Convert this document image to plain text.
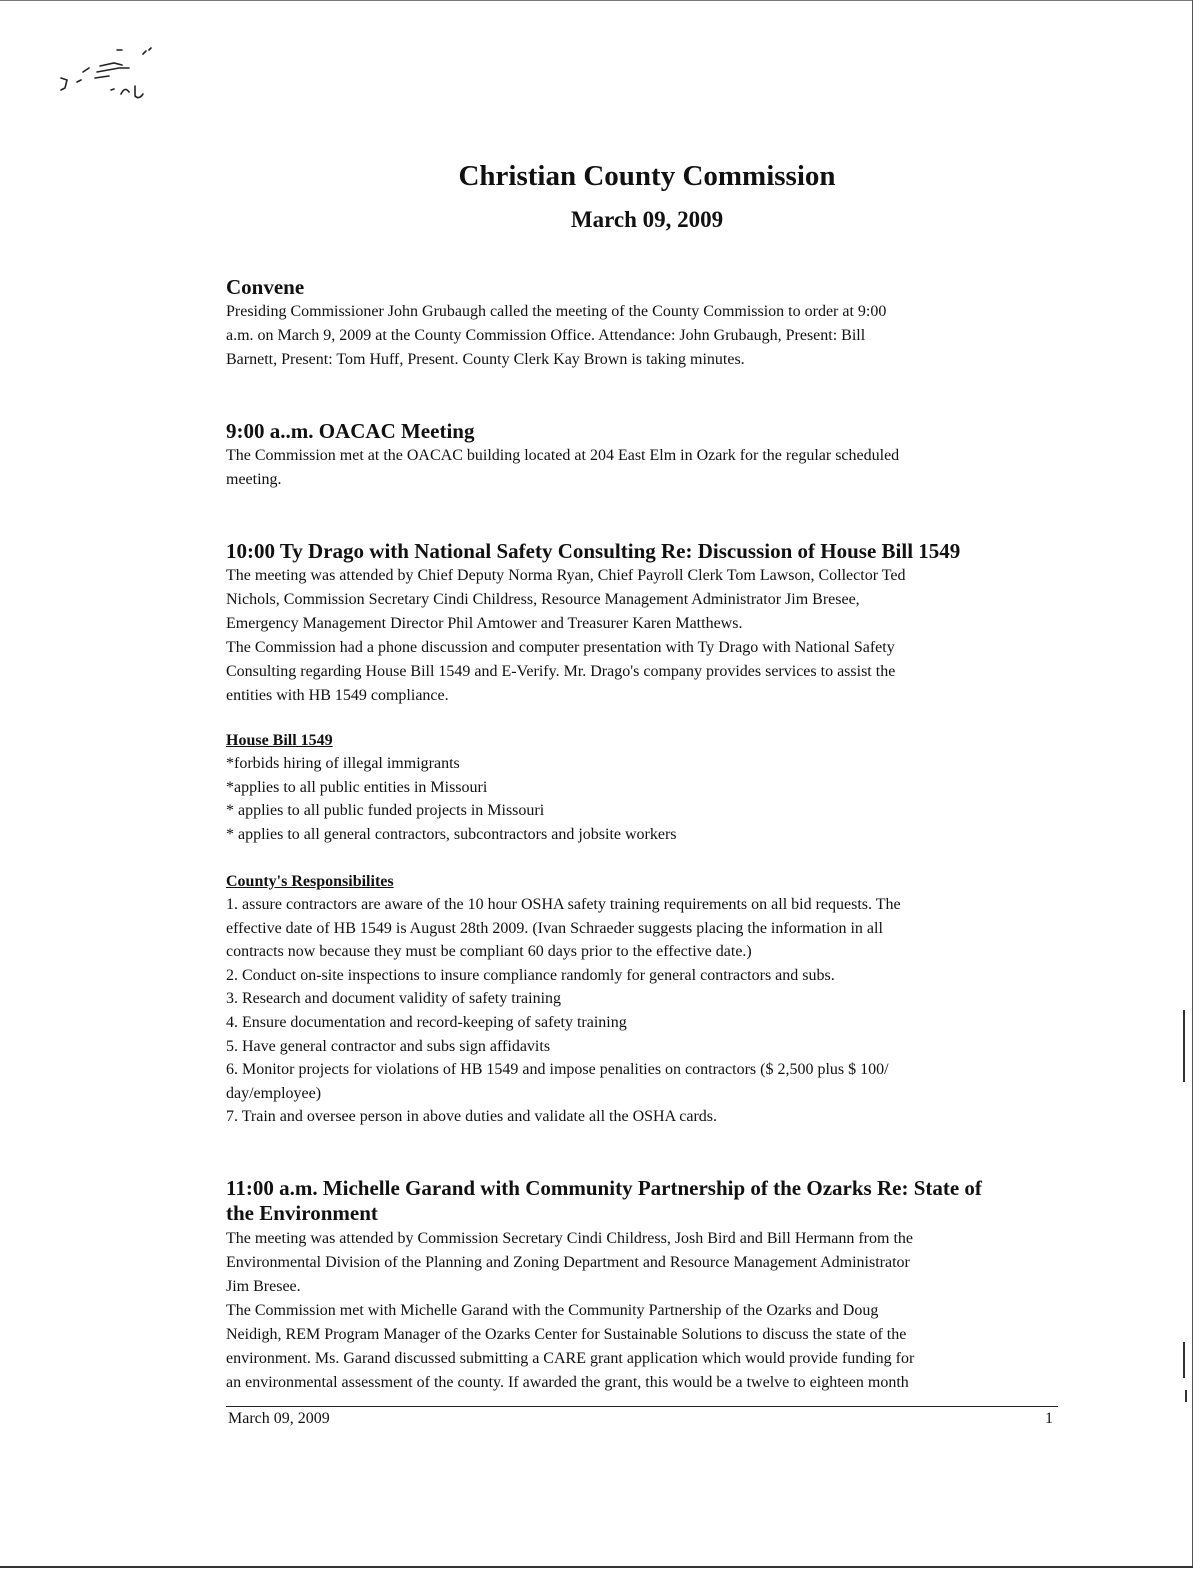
Christian County Commission
March 09, 2009

Convene

Presiding Commissioner John Grubaugh called the meeting of the County Commission to order at 9:00

a.m. on March 9, 2009 at the County Commission Office. Attendance: John Grubaugh, Present: Bill

Barnett, Present: Tom Huff, Present. County Clerk Kay Brown is taking minutes.

9:00 a..m. OACAC Meeting

The Commission met at the OACAC building located at 204 East Elm in Ozark for the regular scheduled

meeting.

10:00 Ty Drago with National Safety Consulting Re: Discussion of House Bill 1549

The meeting was attended by Chief Deputy Norma Ryan, Chief Payroll Clerk Tom Lawson, Collector Ted

Nichols, Commission Secretary Cindi Childress, Resource Management Administrator Jim Bresee,

Emergency Management Director Phil Amtower and Treasurer Karen Matthews.

The Commission had a phone discussion and computer presentation with Ty Drago with National Safety

Consulting regarding House Bill 1549 and E-Verify. Mr. Drago's company provides services to assist the

entities with HB 1549 compliance.

House Bill 1549

*forbids hiring of illegal immigrants

*applies to all public entities in Missouri

* applies to all public funded projects in Missouri

* applies to all general contractors, subcontractors and jobsite workers

County's Responsibilites

1. assure contractors are aware of the 10 hour OSHA safety training requirements on all bid requests. The

effective date of HB 1549 is August 28th 2009. (Ivan Schraeder suggests placing the information in all

contracts now because they must be compliant 60 days prior to the effective date.)

2. Conduct on-site inspections to insure compliance randomly for general contractors and subs.

3. Research and document validity of safety training

4. Ensure documentation and record-keeping of safety training

5. Have general contractor and subs sign affidavits

6. Monitor projects for violations of HB 1549 and impose penalities on contractors ($ 2,500 plus $ 100/

day/employee)

7. Train and oversee person in above duties and validate all the OSHA cards.

11:00 a.m. Michelle Garand with Community Partnership of the Ozarks Re: State of

the Environment

The meeting was attended by Commission Secretary Cindi Childress, Josh Bird and Bill Hermann from the

Environmental Division of the Planning and Zoning Department and Resource Management Administrator

Jim Bresee.

The Commission met with Michelle Garand with the Community Partnership of the Ozarks and Doug

Neidigh, REM Program Manager of the Ozarks Center for Sustainable Solutions to discuss the state of the

environment. Ms. Garand discussed submitting a CARE grant application which would provide funding for

an environmental assessment of the county. If awarded the grant, this would be a twelve to eighteen month

March 09, 2009	1
